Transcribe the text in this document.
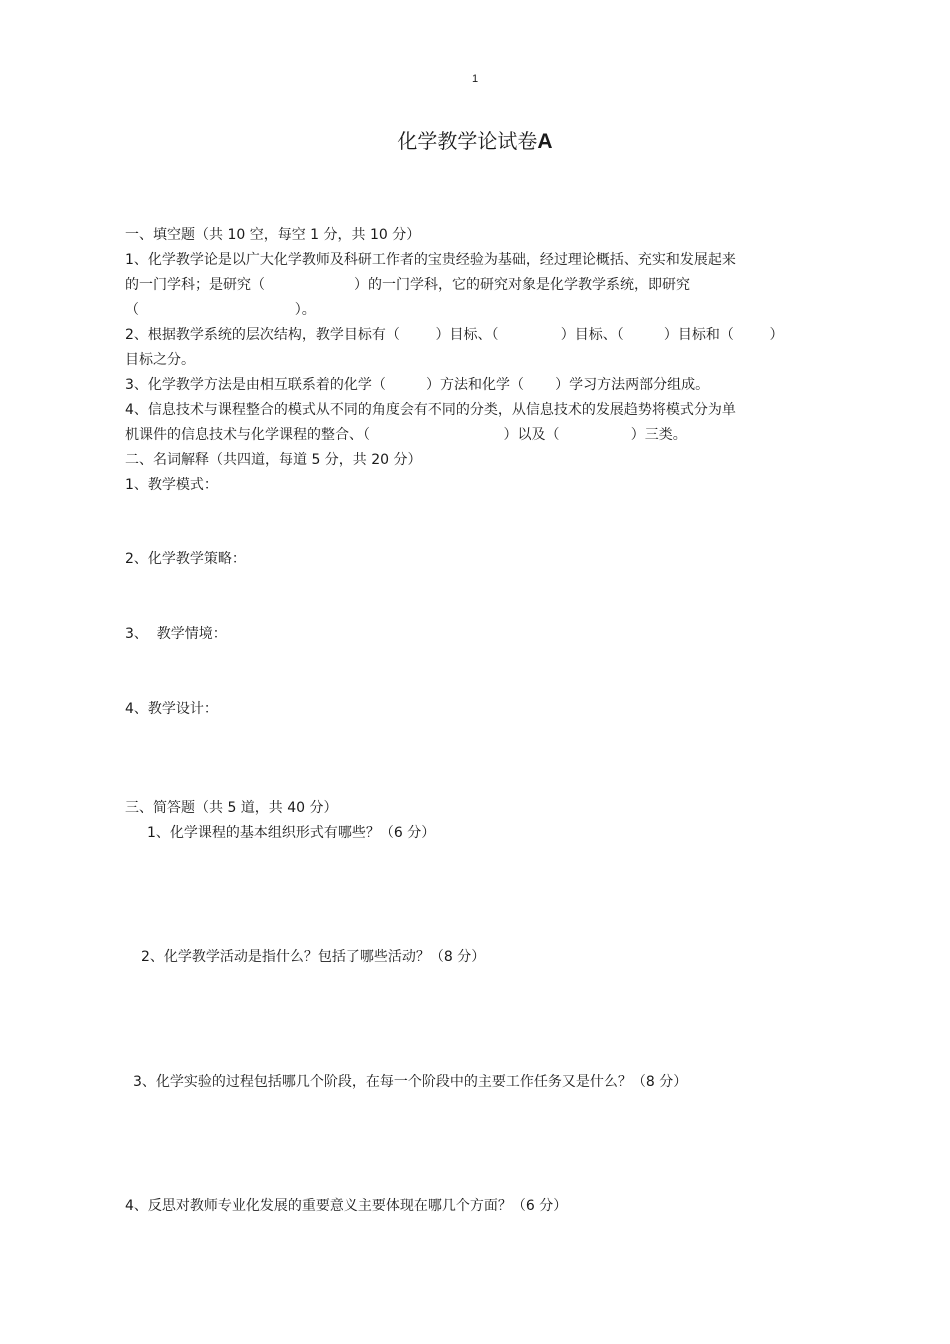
1
化学教学论试卷A
一、填空题（共 10 空，每空 1 分，共 10 分）
1、化学教学论是以广大化学教师及科研工作者的宝贵经验为基础，经过理论概括、充实和发展起来
的一门学科；是研究（                    ）的一门学科，它的研究对象是化学教学系统，即研究
（                                   ）。
2、根据教学系统的层次结构，教学目标有（        ）目标、（              ）目标、（         ）目标和（        ）
目标之分。
3、化学教学方法是由相互联系着的化学（         ）方法和化学（       ）学习方法两部分组成。
4、信息技术与课程整合的模式从不同的角度会有不同的分类，从信息技术的发展趋势将模式分为单
机课件的信息技术与化学课程的整合、（                              ）以及（                ）三类。
二、名词解释（共四道，每道 5 分，共 20 分）
1、教学模式：
2、化学教学策略：
3、  教学情境：
4、教学设计：
三、简答题（共 5 道，共 40 分）
1、化学课程的基本组织形式有哪些？（6 分）
2、化学教学活动是指什么？包括了哪些活动？（8 分）
3、化学实验的过程包括哪几个阶段，在每一个阶段中的主要工作任务又是什么？（8 分）
4、反思对教师专业化发展的重要意义主要体现在哪几个方面？（6 分）
